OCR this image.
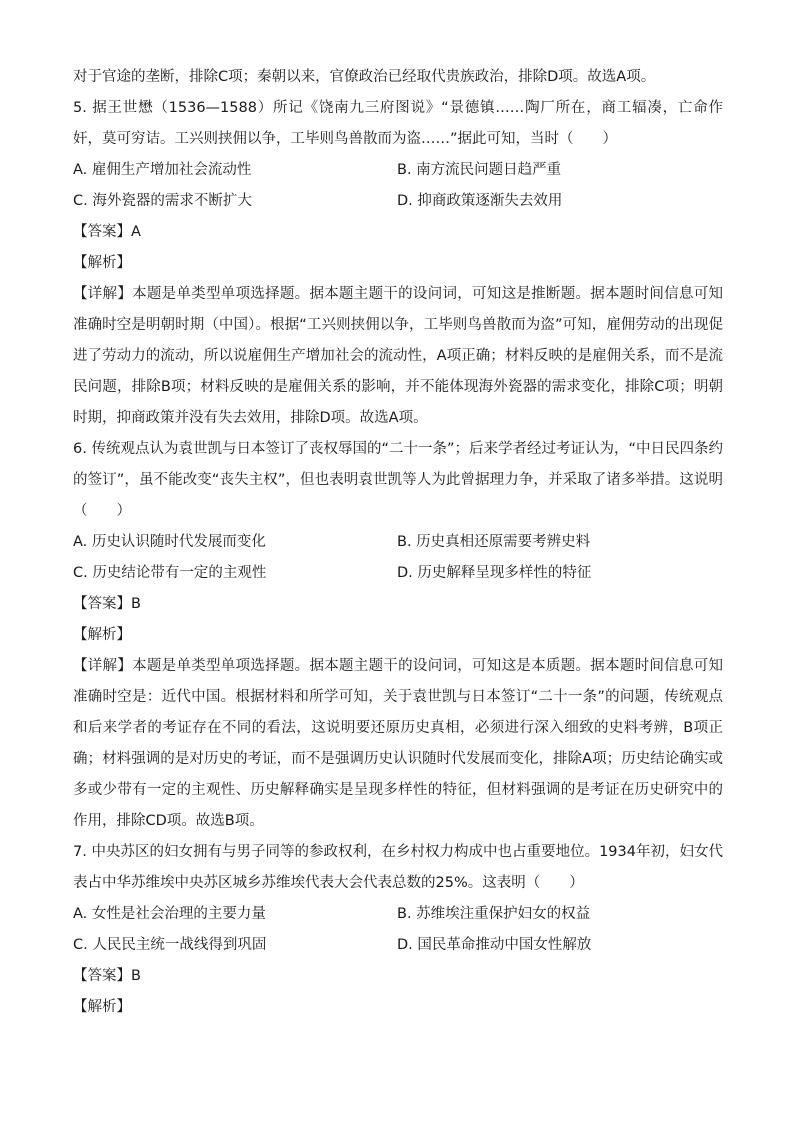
对于官途的垄断，排除C项；秦朝以来，官僚政治已经取代贵族政治，排除D项。故选A项。
5. 据王世懋（1536—1588）所记《饶南九三府图说》“景德镇……陶厂所在，商工辐凑，亡命作奸，莫可穷诘。工兴则挟佣以争，工毕则鸟兽散而为盗……”据此可知，当时（　　）
A. 雇佣生产增加社会流动性	B. 南方流民问题日趋严重
C. 海外瓷器的需求不断扩大	D. 抑商政策逐渐失去效用
【答案】A
【解析】
【详解】本题是单类型单项选择题。据本题主题干的设问词，可知这是推断题。据本题时间信息可知准确时空是明朝时期（中国）。根据“工兴则挟佣以争，工毕则鸟兽散而为盗”可知，雇佣劳动的出现促进了劳动力的流动，所以说雇佣生产增加社会的流动性，A项正确；材料反映的是雇佣关系，而不是流民问题，排除B项；材料反映的是雇佣关系的影响，并不能体现海外瓷器的需求变化，排除C项；明朝时期，抑商政策并没有失去效用，排除D项。故选A项。
6. 传统观点认为袁世凯与日本签订了丧权辱国的“二十一条”；后来学者经过考证认为，“中日民四条约的签订”，虽不能改变“丧失主权”，但也表明袁世凯等人为此曾据理力争，并采取了诸多举措。这说明（　　）
A. 历史认识随时代发展而变化	B. 历史真相还原需要考辨史料
C. 历史结论带有一定的主观性	D. 历史解释呈现多样性的特征
【答案】B
【解析】
【详解】本题是单类型单项选择题。据本题主题干的设问词，可知这是本质题。据本题时间信息可知准确时空是：近代中国。根据材料和所学可知，关于袁世凯与日本签订“二十一条”的问题，传统观点和后来学者的考证存在不同的看法，这说明要还原历史真相，必须进行深入细致的史料考辨，B项正确；材料强调的是对历史的考证，而不是强调历史认识随时代发展而变化，排除A项；历史结论确实或多或少带有一定的主观性、历史解释确实是呈现多样性的特征，但材料强调的是考证在历史研究中的作用，排除CD项。故选B项。
7. 中央苏区的妇女拥有与男子同等的参政权利，在乡村权力构成中也占重要地位。1934年初，妇女代表占中华苏维埃中央苏区城乡苏维埃代表大会代表总数的25%。这表明（　　）
A. 女性是社会治理的主要力量	B. 苏维埃注重保护妇女的权益
C. 人民民主统一战线得到巩固	D. 国民革命推动中国女性解放
【答案】B
【解析】
